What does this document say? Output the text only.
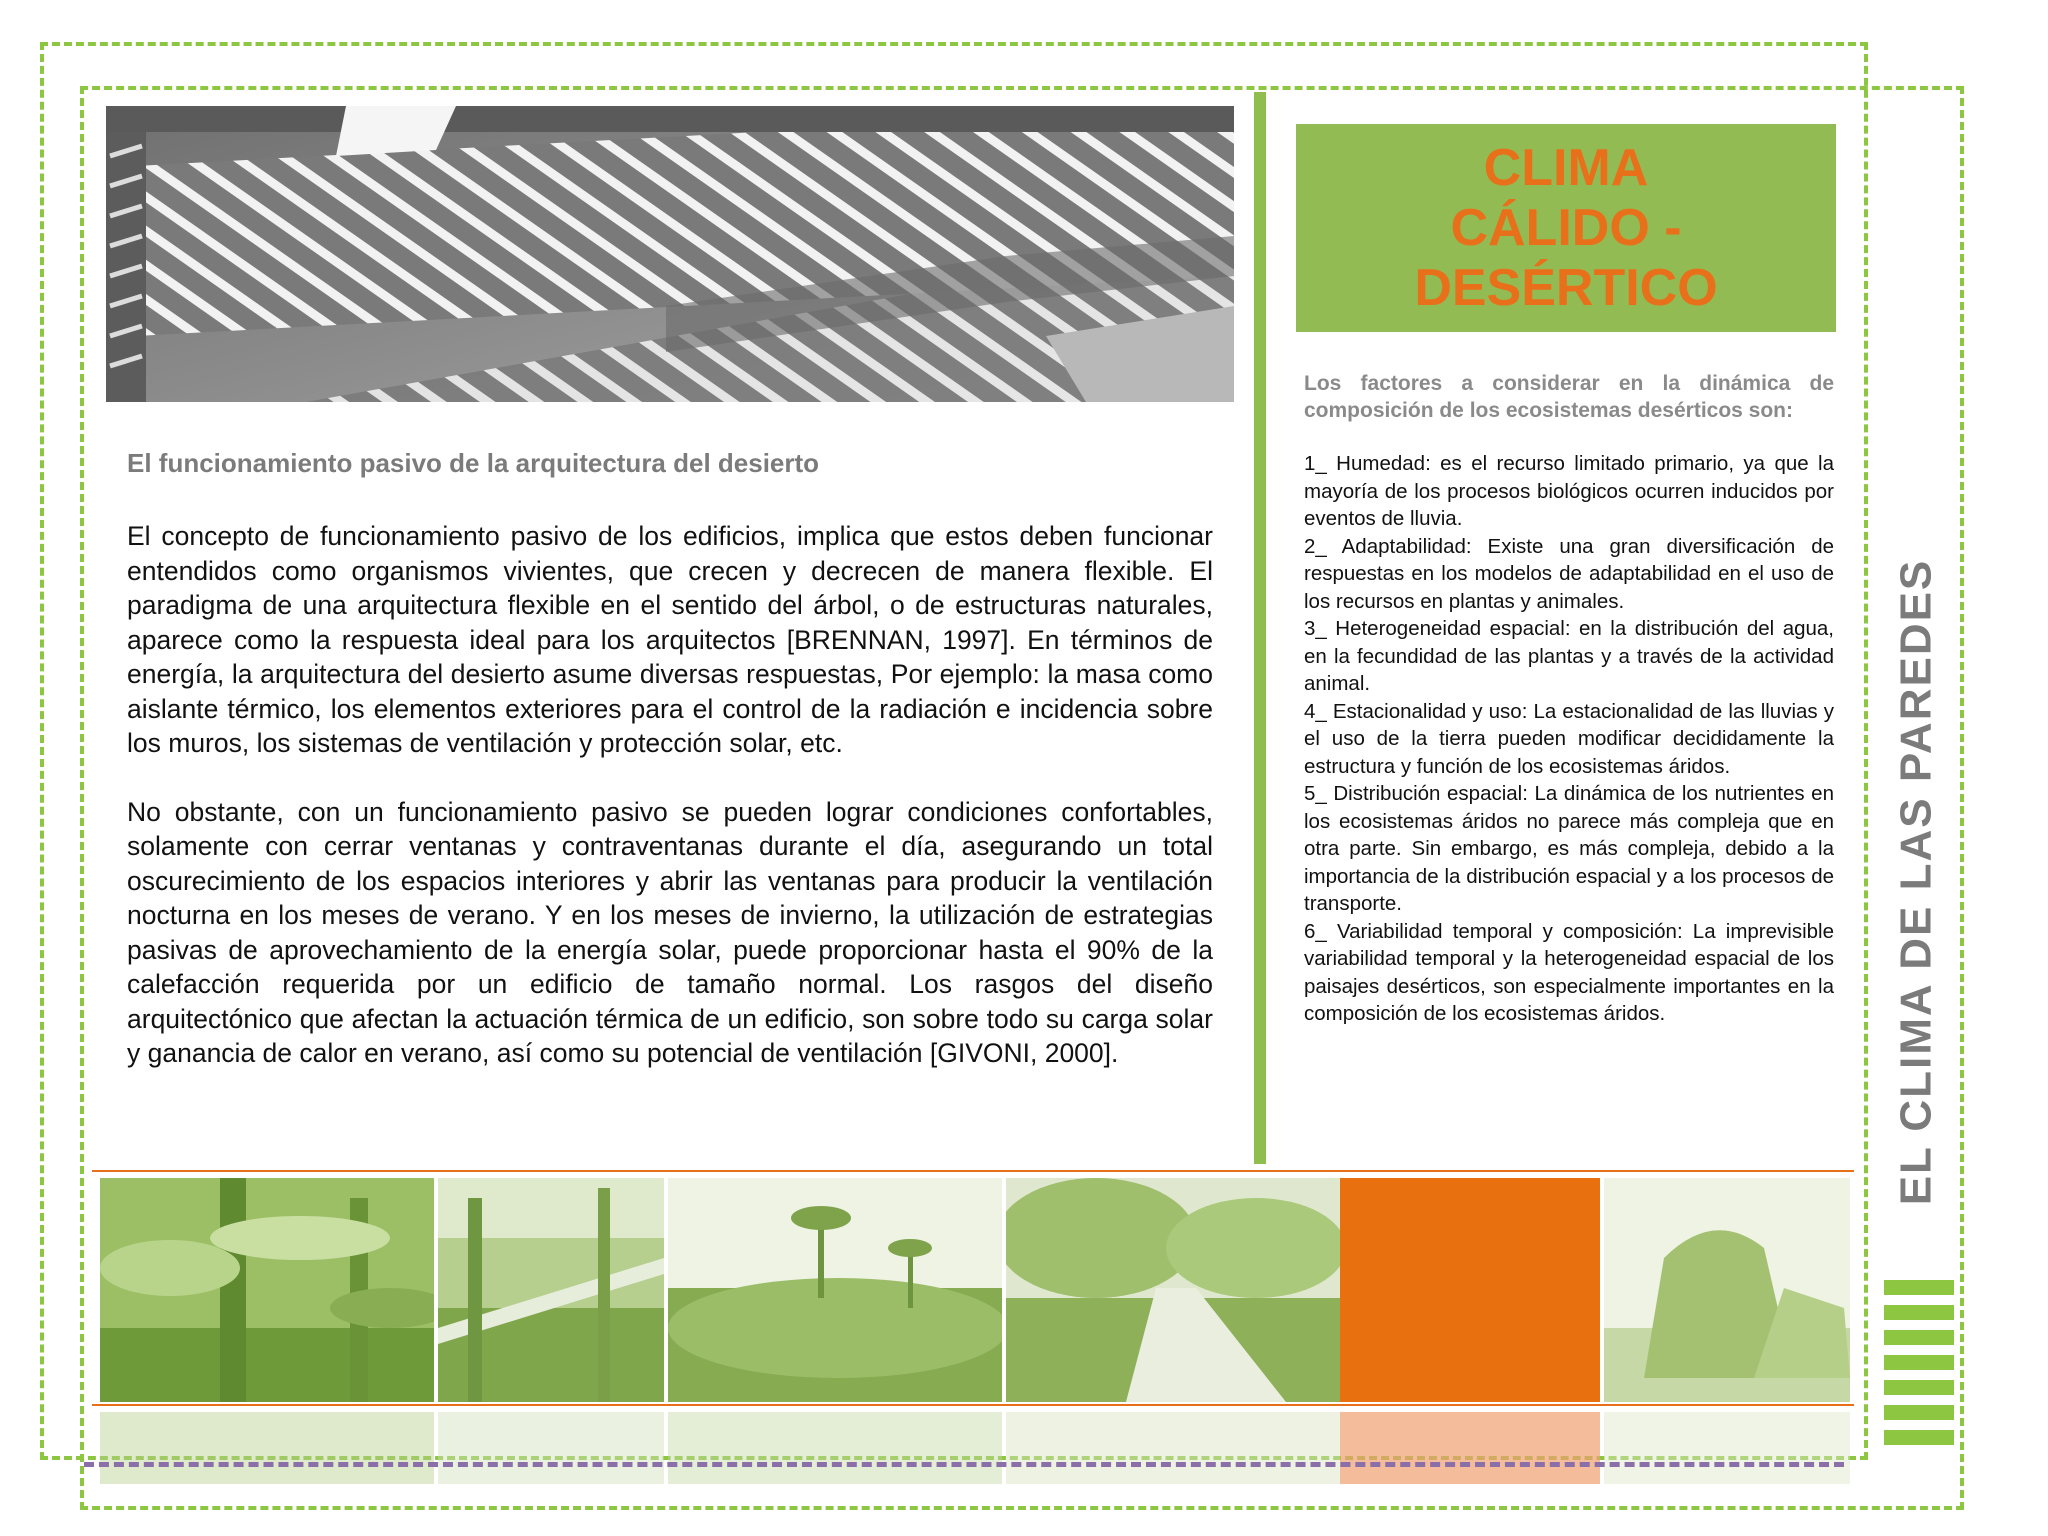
El funcionamiento pasivo de la arquitectura del desierto

El concepto de funcionamiento pasivo de los edificios, implica que estos deben funcionar entendidos como organismos vivientes, que crecen y decrecen de manera flexible. El paradigma de una arquitectura flexible en el sentido del árbol, o de estructuras naturales, aparece como la respuesta ideal para los arquitectos [BRENNAN, 1997]. En términos de energía, la arquitectura del desierto asume diversas respuestas, Por ejemplo: la masa como aislante térmico, los elementos exteriores para el control de la radiación e incidencia sobre los muros, los sistemas de ventilación y protección solar, etc.

No obstante, con un funcionamiento pasivo se pueden lograr condiciones confortables, solamente con cerrar ventanas y contraventanas durante el día, asegurando un total oscurecimiento de los espacios interiores y abrir las ventanas para producir la ventilación nocturna en los meses de verano. Y en los meses de invierno, la utilización de estrategias pasivas de aprovechamiento de la energía solar, puede proporcionar hasta el 90% de la calefacción requerida por un edificio de tamaño normal. Los rasgos del diseño arquitectónico que afectan la actuación térmica de un edificio, son sobre todo su carga solar y ganancia de calor en verano, así como su potencial de ventilación [GIVONI, 2000].

CLIMA
CÁLIDO -
DESÉRTICO

Los factores a considerar en la dinámica de composición de los ecosistemas desérticos son:

1_ Humedad: es el recurso limitado primario, ya que la mayoría de los procesos biológicos ocurren inducidos por eventos de lluvia.

2_ Adaptabilidad: Existe una gran diversificación de respuestas en los modelos de adaptabilidad en el uso de los recursos en plantas y animales.

3_ Heterogeneidad espacial: en la distribución del agua, en la fecundidad de las plantas y a través de la actividad animal.

4_ Estacionalidad y uso: La estacionalidad de las lluvias y el uso de la tierra pueden modificar decididamente la estructura y función de los ecosistemas áridos.

5_ Distribución espacial: La dinámica de los nutrientes en los ecosistemas áridos no parece más compleja que en otra parte. Sin embargo, es más compleja, debido a la importancia de la distribución espacial y a los procesos de transporte.

6_ Variabilidad temporal y composición: La imprevisible variabilidad temporal y la heterogeneidad espacial de los paisajes desérticos, son especialmente importantes en la composición de los ecosistemas áridos.	EL CLIMA DE LAS PAREDES
